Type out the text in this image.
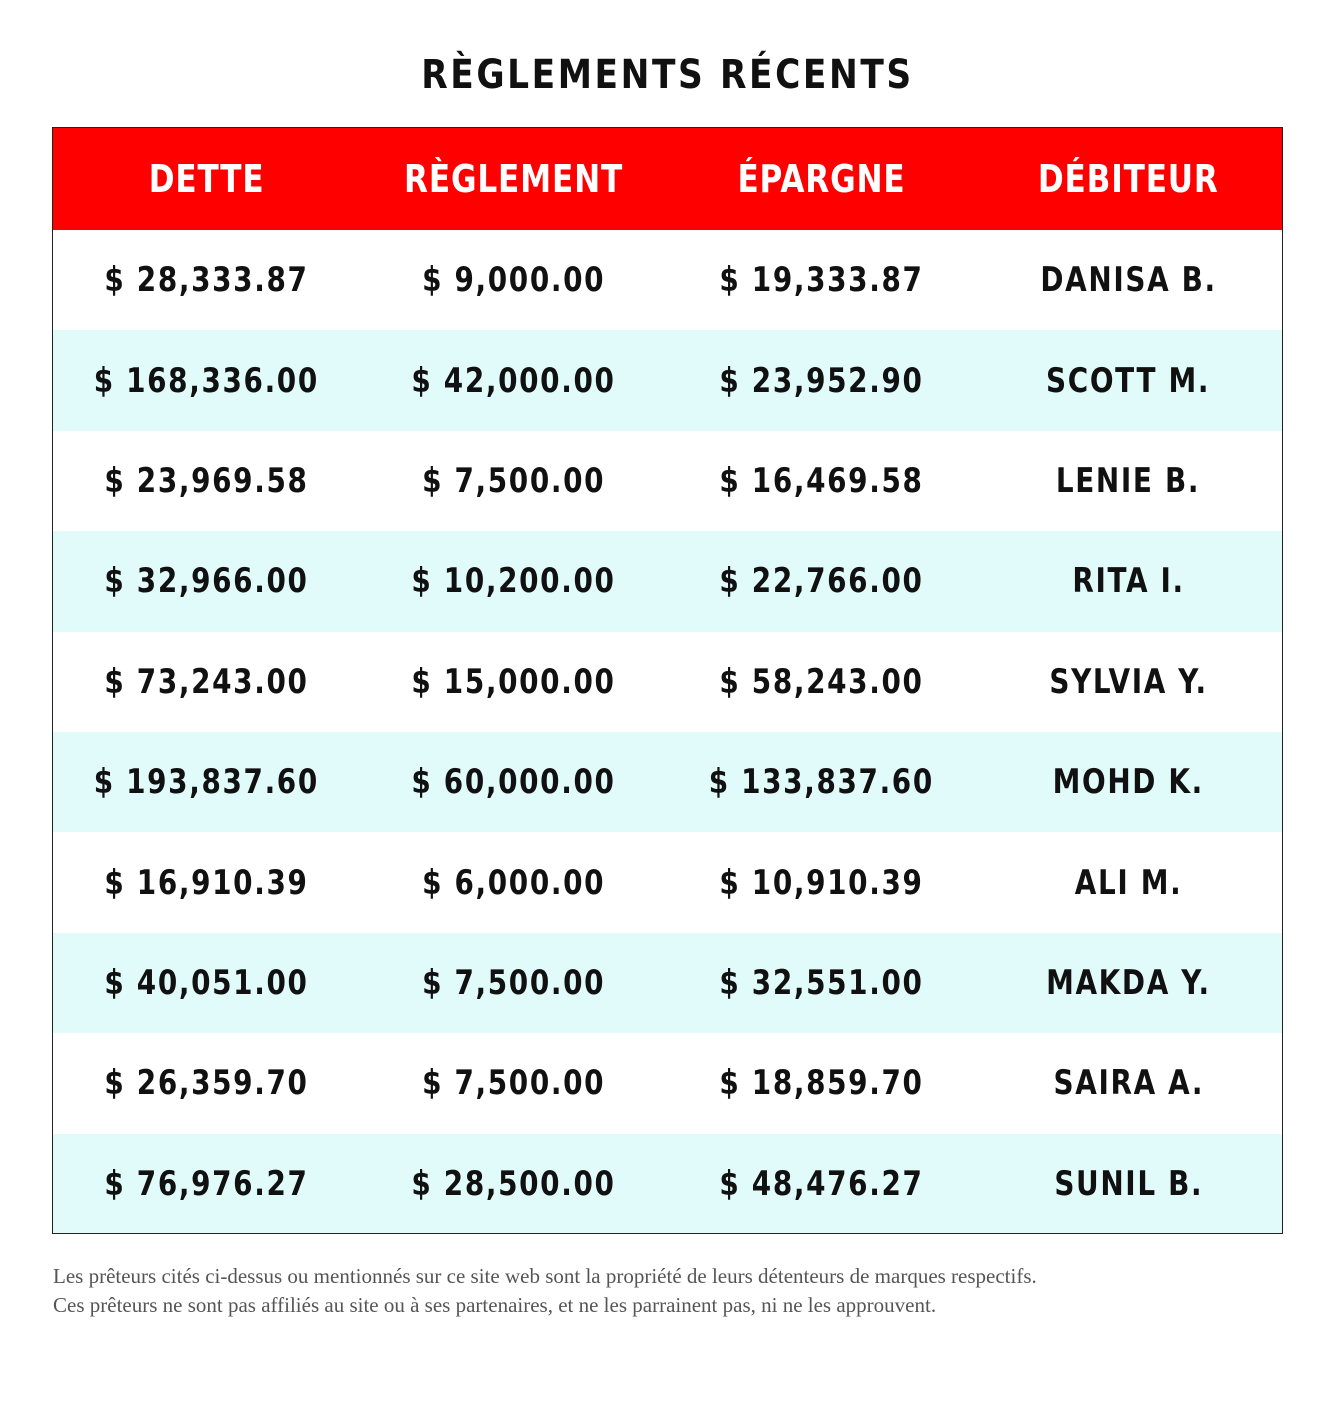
RÈGLEMENTS RÉCENTS
DETTE	RÈGLEMENT	ÉPARGNE	DÉBITEUR
$ 28,333.87	$ 9,000.00	$ 19,333.87	DANISA B.
$ 168,336.00	$ 42,000.00	$ 23,952.90	SCOTT M.
$ 23,969.58	$ 7,500.00	$ 16,469.58	LENIE B.
$ 32,966.00	$ 10,200.00	$ 22,766.00	RITA I.
$ 73,243.00	$ 15,000.00	$ 58,243.00	SYLVIA Y.
$ 193,837.60	$ 60,000.00	$ 133,837.60	MOHD K.
$ 16,910.39	$ 6,000.00	$ 10,910.39	ALI M.
$ 40,051.00	$ 7,500.00	$ 32,551.00	MAKDA Y.
$ 26,359.70	$ 7,500.00	$ 18,859.70	SAIRA A.
$ 76,976.27	$ 28,500.00	$ 48,476.27	SUNIL B.
Les prêteurs cités ci-dessus ou mentionnés sur ce site web sont la propriété de leurs détenteurs de marques respectifs.
Ces prêteurs ne sont pas affiliés au site ou à ses partenaires, et ne les parrainent pas, ni ne les approuvent.
